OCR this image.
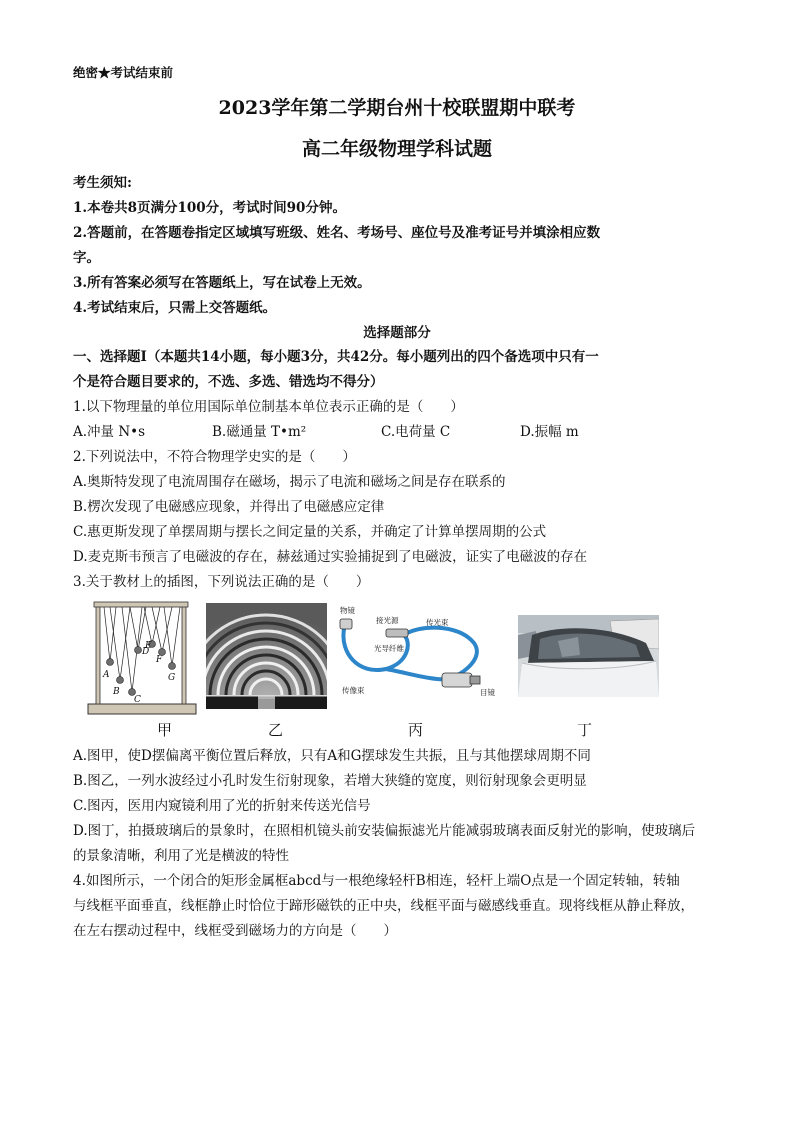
绝密★考试结束前
2023学年第二学期台州十校联盟期中联考
高二年级物理学科试题
考生须知:
1.本卷共8页满分100分，考试时间90分钟。
2.答题前，在答题卷指定区域填写班级、姓名、考场号、座位号及准考证号并填涂相应数
字。
3.所有答案必须写在答题纸上，写在试卷上无效。
4.考试结束后，只需上交答题纸。
选择题部分
一、选择题Ⅰ（本题共14小题，每小题3分，共42分。每小题列出的四个备选项中只有一
个是符合题目要求的，不选、多选、错选均不得分）
1.以下物理量的单位用国际单位制基本单位表示正确的是（　　）
A.冲量 N•s	B.磁通量 T•m²	C.电荷量 C	D.振幅 m
2.下列说法中，不符合物理学史实的是（　　）
A.奥斯特发现了电流周围存在磁场，揭示了电流和磁场之间是存在联系的
B.楞次发现了电磁感应现象，并得出了电磁感应定律
C.惠更斯发现了单摆周期与摆长之间定量的关系，并确定了计算单摆周期的公式
D.麦克斯韦预言了电磁波的存在，赫兹通过实验捕捉到了电磁波，证实了电磁波的存在
3.关于教材上的插图，下列说法正确的是（　　）
A
B
C
D
E
F
G
物镜
接光源	传光束
光导纤维
传像束	目镜
甲	乙	丙	丁
A.图甲，使D摆偏离平衡位置后释放，只有A和G摆球发生共振，且与其他摆球周期不同
B.图乙，一列水波经过小孔时发生衍射现象，若增大狭缝的宽度，则衍射现象会更明显
C.图丙，医用内窥镜利用了光的折射来传送光信号
D.图丁，拍摄玻璃后的景象时，在照相机镜头前安装偏振滤光片能减弱玻璃表面反射光的影响，使玻璃后
的景象清晰，利用了光是横波的特性
4.如图所示，一个闭合的矩形金属框abcd与一根绝缘轻杆B相连，轻杆上端O点是一个固定转轴，转轴
与线框平面垂直，线框静止时恰位于蹄形磁铁的正中央，线框平面与磁感线垂直。现将线框从静止释放，
在左右摆动过程中，线框受到磁场力的方向是（　　）
